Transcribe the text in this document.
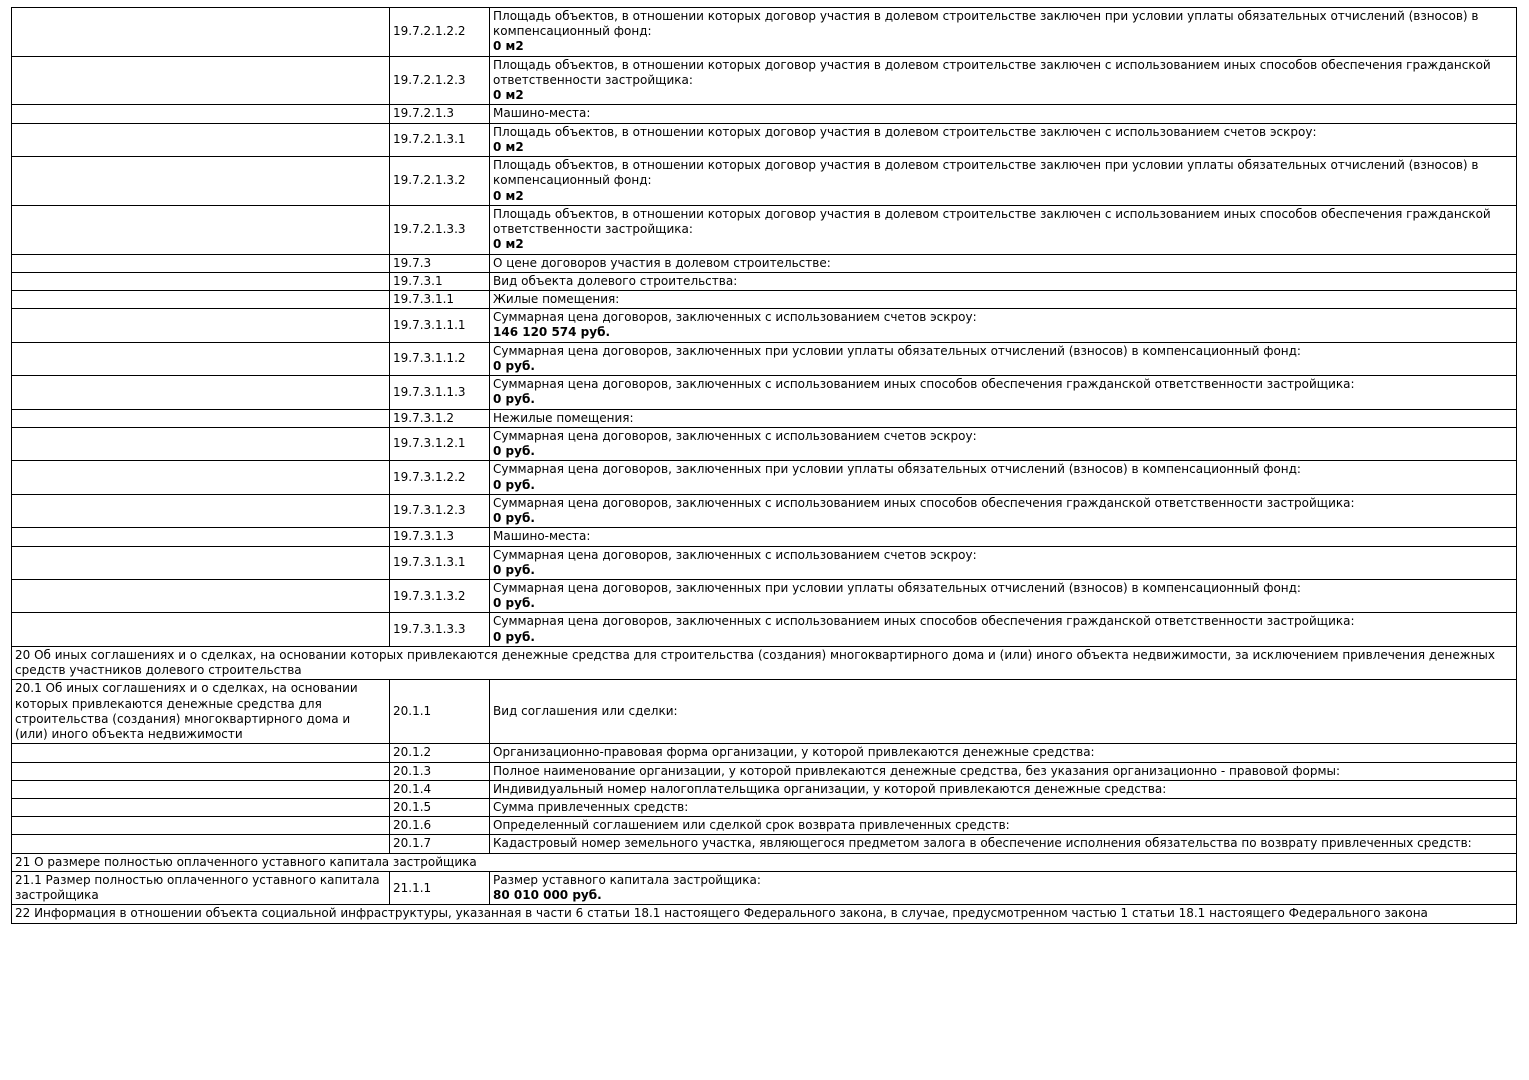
	19.7.2.1.2.2	Площадь объектов, в отношении которых договор участия в долевом строительстве заключен при условии уплаты обязательных отчислений (взносов) в компенсационный фонд:
0 м2

	19.7.2.1.2.3	Площадь объектов, в отношении которых договор участия в долевом строительстве заключен с использованием иных способов обеспечения гражданской ответственности застройщика:
0 м2

	19.7.2.1.3	Машино-места:

	19.7.2.1.3.1	Площадь объектов, в отношении которых договор участия в долевом строительстве заключен с использованием счетов эскроу:
0 м2

	19.7.2.1.3.2	Площадь объектов, в отношении которых договор участия в долевом строительстве заключен при условии уплаты обязательных отчислений (взносов) в компенсационный фонд:
0 м2

	19.7.2.1.3.3	Площадь объектов, в отношении которых договор участия в долевом строительстве заключен с использованием иных способов обеспечения гражданской ответственности застройщика:
0 м2

	19.7.3	О цене договоров участия в долевом строительстве:

	19.7.3.1	Вид объекта долевого строительства:

	19.7.3.1.1	Жилые помещения:

	19.7.3.1.1.1	Суммарная цена договоров, заключенных с использованием счетов эскроу:
146 120 574 руб.

	19.7.3.1.1.2	Суммарная цена договоров, заключенных при условии уплаты обязательных отчислений (взносов) в компенсационный фонд:
0 руб.

	19.7.3.1.1.3	Суммарная цена договоров, заключенных с использованием иных способов обеспечения гражданской ответственности застройщика:
0 руб.

	19.7.3.1.2	Нежилые помещения:

	19.7.3.1.2.1	Суммарная цена договоров, заключенных с использованием счетов эскроу:
0 руб.

	19.7.3.1.2.2	Суммарная цена договоров, заключенных при условии уплаты обязательных отчислений (взносов) в компенсационный фонд:
0 руб.

	19.7.3.1.2.3	Суммарная цена договоров, заключенных с использованием иных способов обеспечения гражданской ответственности застройщика:
0 руб.

	19.7.3.1.3	Машино-места:

	19.7.3.1.3.1	Суммарная цена договоров, заключенных с использованием счетов эскроу:
0 руб.

	19.7.3.1.3.2	Суммарная цена договоров, заключенных при условии уплаты обязательных отчислений (взносов) в компенсационный фонд:
0 руб.

	19.7.3.1.3.3	Суммарная цена договоров, заключенных с использованием иных способов обеспечения гражданской ответственности застройщика:
0 руб.

20 Об иных соглашениях и о сделках, на основании которых привлекаются денежные средства для строительства (создания) многоквартирного дома и (или) иного объекта недвижимости, за исключением привлечения денежных средств участников долевого строительства		
20.1 Об иных соглашениях и о сделках, на основании которых привлекаются денежные средства для строительства (создания) многоквартирного дома и (или) иного объекта недвижимости	20.1.1	Вид соглашения или сделки:

	20.1.2	Организационно-правовая форма организации, у которой привлекаются денежные средства:

	20.1.3	Полное наименование организации, у которой привлекаются денежные средства, без указания организационно - правовой формы:

	20.1.4	Индивидуальный номер налогоплательщика организации, у которой привлекаются денежные средства:

	20.1.5	Сумма привлеченных средств:

	20.1.6	Определенный соглашением или сделкой срок возврата привлеченных средств:

	20.1.7	Кадастровый номер земельного участка, являющегося предметом залога в обеспечение исполнения обязательства по возврату привлеченных средств:

21 О размере полностью оплаченного уставного капитала застройщика		
21.1 Размер полностью оплаченного уставного капитала застройщика	21.1.1	Размер уставного капитала застройщика:
80 010 000 руб.

22 Информация в отношении объекта социальной инфраструктуры, указанная в части 6 статьи 18.1 настоящего Федерального закона, в случае, предусмотренном частью 1 статьи 18.1 настоящего Федерального закона		
